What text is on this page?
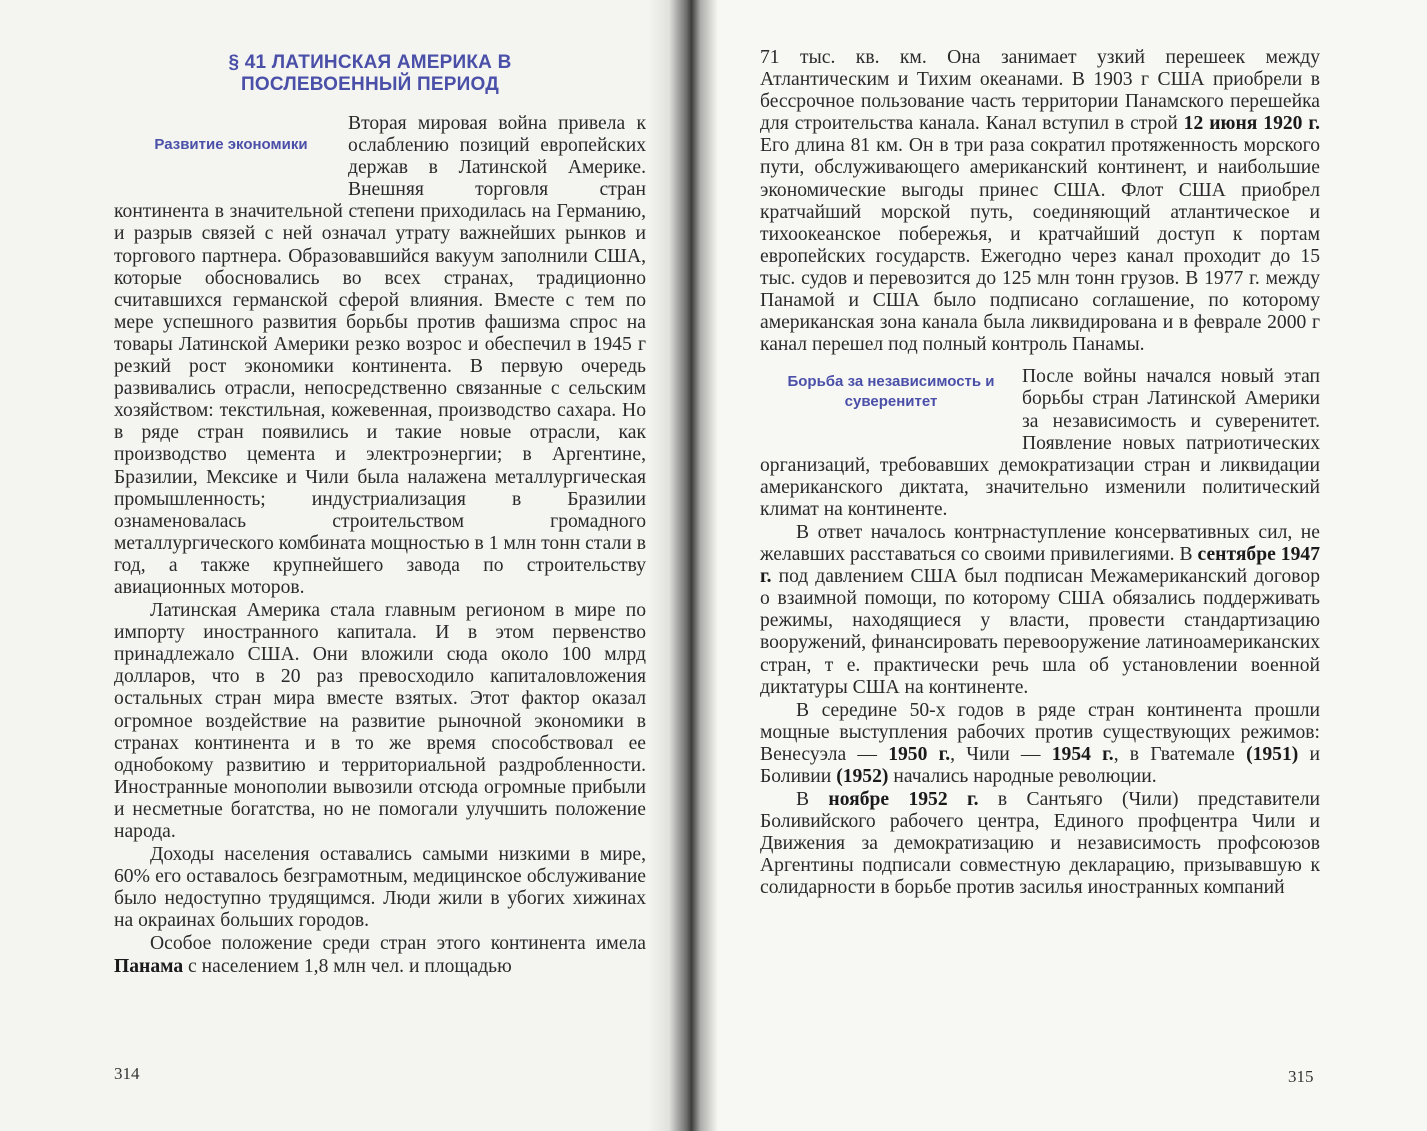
§ 41 ЛАТИНСКАЯ АМЕРИКА В ПОСЛЕВОЕННЫЙ ПЕРИОД

Развитие экономики
Вторая мировая война привела к ослаблению позиций европейских держав в Латинской Америке. Внешняя торговля стран континента в значительной степени приходилась на Германию, и разрыв связей с ней означал утрату важнейших рынков и торгового партнера. Образовавшийся вакуум заполнили США, которые обосновались во всех странах, традиционно считавшихся германской сферой влияния. Вместе с тем по мере успешного развития борьбы против фашизма спрос на товары Латинской Америки резко возрос и обеспечил в 1945 г резкий рост экономики континента. В первую очередь развивались отрасли, непосредственно связанные с сельским хозяйством: текстильная, кожевенная, производство сахара. Но в ряде стран появились и такие новые отрасли, как производство цемента и электроэнергии; в Аргентине, Бразилии, Мексике и Чили была налажена металлургическая промышленность; индустриализация в Бразилии ознаменовалась строительством громадного металлургического комбината мощностью в 1 млн тонн стали в год, а также крупнейшего завода по строительству авиационных моторов.

Латинская Америка стала главным регионом в мире по импорту иностранного капитала. И в этом первенство принадлежало США. Они вложили сюда около 100 млрд долларов, что в 20 раз превосходило капиталовложения остальных стран мира вместе взятых. Этот фактор оказал огромное воздействие на развитие рыночной экономики в странах континента и в то же время способствовал ее однобокому развитию и территориальной раздробленности. Иностранные монополии вывозили отсюда огромные прибыли и несметные богатства, но не помогали улучшить положение народа.

Доходы населения оставались самыми низкими в мире, 60% его оставалось безграмотным, медицинское обслуживание было недоступно трудящимся. Люди жили в убогих хижинах на окраинах больших городов.

Особое положение среди стран этого континента имела Панама с населением 1,8 млн чел. и площадью

314

71 тыс. кв. км. Она занимает узкий перешеек между Атлантическим и Тихим океанами. В 1903 г США приобрели в бессрочное пользование часть территории Панамского перешейка для строительства канала. Канал вступил в строй 12 июня 1920 г. Его длина 81 км. Он в три раза сократил протяженность морского пути, обслуживающего американский континент, и наибольшие экономические выгоды принес США. Флот США приобрел кратчайший морской путь, соединяющий атлантическое и тихоокеанское побережья, и кратчайший доступ к портам европейских государств. Ежегодно через канал проходит до 15 тыс. судов и перевозится до 125 млн тонн грузов. В 1977 г. между Панамой и США было подписано соглашение, по которому американская зона канала была ликвидирована и в феврале 2000 г канал перешел под полный контроль Панамы.

Борьба за независимость и суверенитет
После войны начался новый этап борьбы стран Латинской Америки за независимость и суверенитет. Появление новых патриотических организаций, требовавших демократизации стран и ликвидации американского диктата, значительно изменили политический климат на континенте.

В ответ началось контрнаступление консервативных сил, не желавших расставаться со своими привилегиями. В сентябре 1947 г. под давлением США был подписан Межамериканский договор о взаимной помощи, по которому США обязались поддерживать режимы, находящиеся у власти, провести стандартизацию вооружений, финансировать перевооружение латиноамериканских стран, т е. практически речь шла об установлении военной диктатуры США на континенте.

В середине 50-х годов в ряде стран континента прошли мощные выступления рабочих против существующих режимов: Венесуэла — 1950 г., Чили — 1954 г., в Гватемале (1951) и Боливии (1952) начались народные революции.

В ноябре 1952 г. в Сантьяго (Чили) представители Боливийского рабочего центра, Единого профцентра Чили и Движения за демократизацию и независимость профсоюзов Аргентины подписали совместную декларацию, призывавшую к солидарности в борьбе против засилья иностранных компаний

315
